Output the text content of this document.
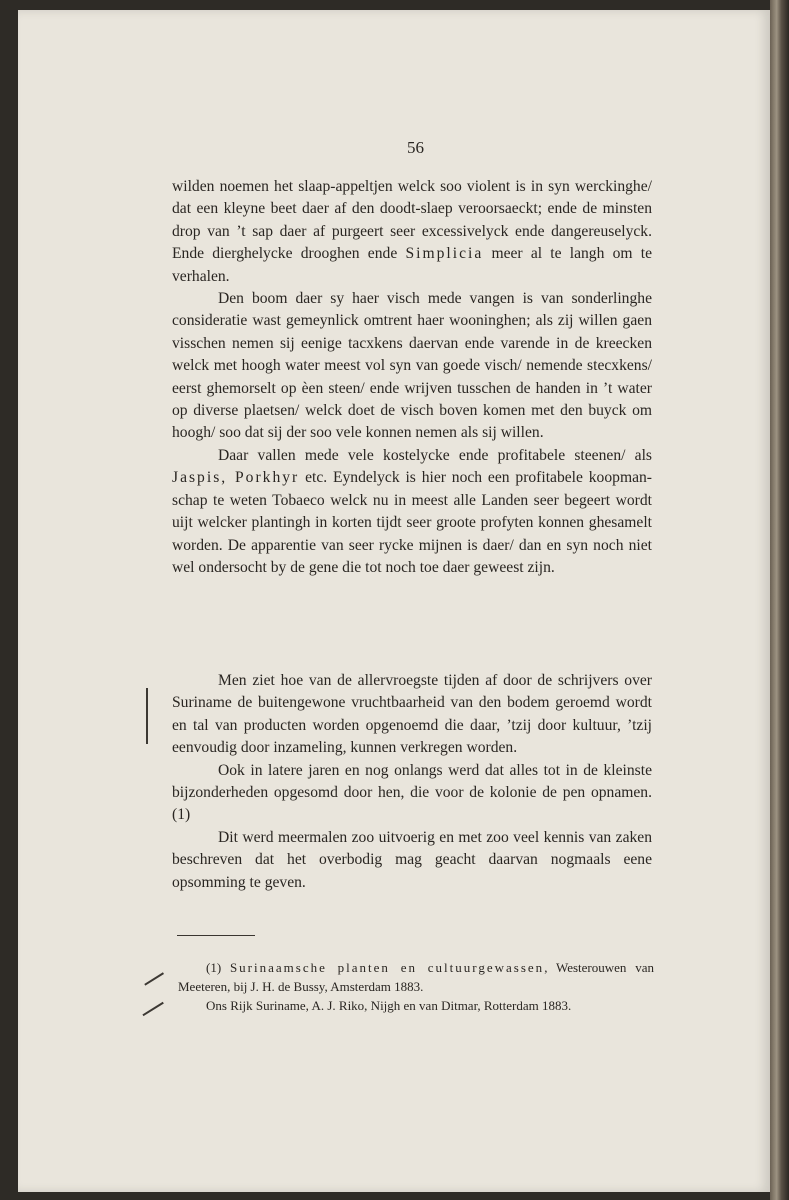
56

wilden noemen het slaap-appeltjen welck soo violent is in syn werckinghe/ dat een kleyne beet daer af den doodt-slaep veroorsaeckt; ende de minsten drop van ’t sap daer af purgeert seer excessivelyck ende dangereuselyck. Ende dierghelycke drooghen ende Simplicia meer al te langh om te verhalen.

Den boom daer sy haer visch mede vangen is van sonderlinghe consideratie wast gemeynlick omtrent haer wooninghen; als zij willen gaen visschen nemen sij eenige tacxkens daervan ende varende in de kreecken welck met hoogh water meest vol syn van goede visch/ nemende stecxkens/ eerst ghemorselt op èen steen/ ende wrijven tusschen de handen in ’t water op diverse plaetsen/ welck doet de visch boven komen met den buyck om hoogh/ soo dat sij der soo vele konnen nemen als sij willen.

Daar vallen mede vele kostelycke ende profitabele steenen/ als Jaspis, Porkhyr etc. Eyndelyck is hier noch een profitabele koopman-schap te weten Tobaeco welck nu in meest alle Landen seer begeert wordt uijt welcker plantingh in korten tijdt seer groote profyten konnen ghesamelt worden. De apparentie van seer rycke mijnen is daer/ dan en syn noch niet wel ondersocht by de gene die tot noch toe daer geweest zijn.

Men ziet hoe van de allervroegste tijden af door de schrijvers over Suriname de buitengewone vruchtbaarheid van den bodem geroemd wordt en tal van producten worden opgenoemd die daar, ’tzij door kultuur, ’tzij eenvoudig door inzameling, kunnen verkregen worden.

Ook in latere jaren en nog onlangs werd dat alles tot in de kleinste bijzonderheden opgesomd door hen, die voor de kolonie de pen opnamen. (1)

Dit werd meermalen zoo uitvoerig en met zoo veel kennis van zaken beschreven dat het overbodig mag geacht daarvan nogmaals eene opsomming te geven.

(1) Surinaamsche planten en cultuurgewassen, Westerouwen van Meeteren, bij J. H. de Bussy, Amsterdam 1883.

Ons Rijk Suriname, A. J. Riko, Nijgh en van Ditmar, Rotterdam 1883.
